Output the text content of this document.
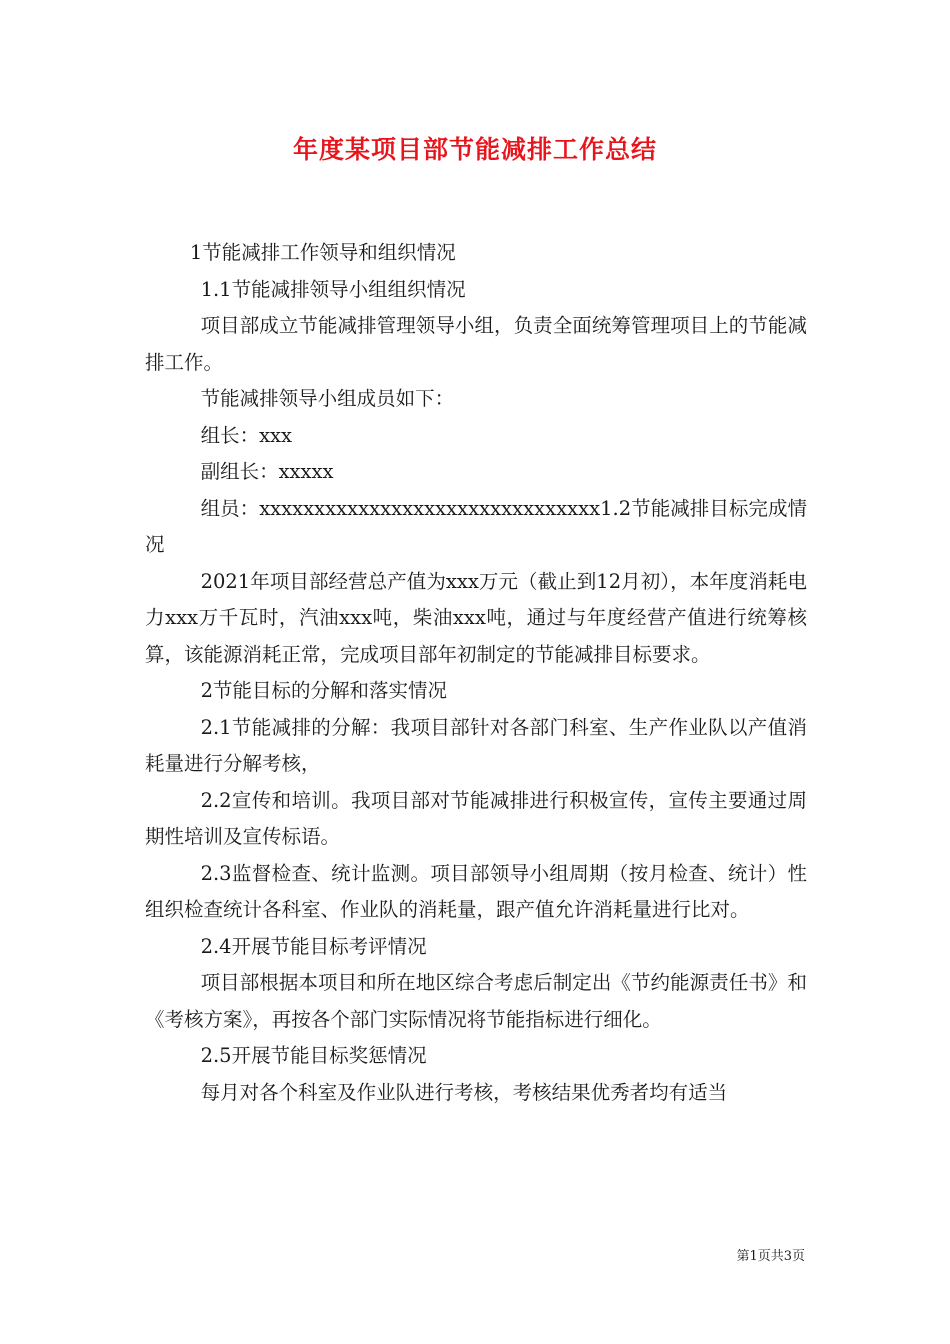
年度某项目部节能减排工作总结

1节能减排工作领导和组织情况

1.1节能减排领导小组组织情况

项目部成立节能减排管理领导小组，负责全面统筹管理项目上的节能减排工作。

节能减排领导小组成员如下：

组长：xxx

副组长：xxxxx

组员：xxxxxxxxxxxxxxxxxxxxxxxxxxxxxxx1.2节能减排目标完成情况

2021年项目部经营总产值为xxx万元（截止到12月初），本年度消耗电力xxx万千瓦时，汽油xxx吨，柴油xxx吨，通过与年度经营产值进行统筹核算，该能源消耗正常，完成项目部年初制定的节能减排目标要求。

2节能目标的分解和落实情况

2.1节能减排的分解：我项目部针对各部门科室、生产作业队以产值消耗量进行分解考核，

2.2宣传和培训。我项目部对节能减排进行积极宣传，宣传主要通过周期性培训及宣传标语。

2.3监督检查、统计监测。项目部领导小组周期（按月检查、统计）性组织检查统计各科室、作业队的消耗量，跟产值允许消耗量进行比对。

2.4开展节能目标考评情况

项目部根据本项目和所在地区综合考虑后制定出《节约能源责任书》和《考核方案》，再按各个部门实际情况将节能指标进行细化。

2.5开展节能目标奖惩情况

每月对各个科室及作业队进行考核，考核结果优秀者均有适当

第1页共3页
